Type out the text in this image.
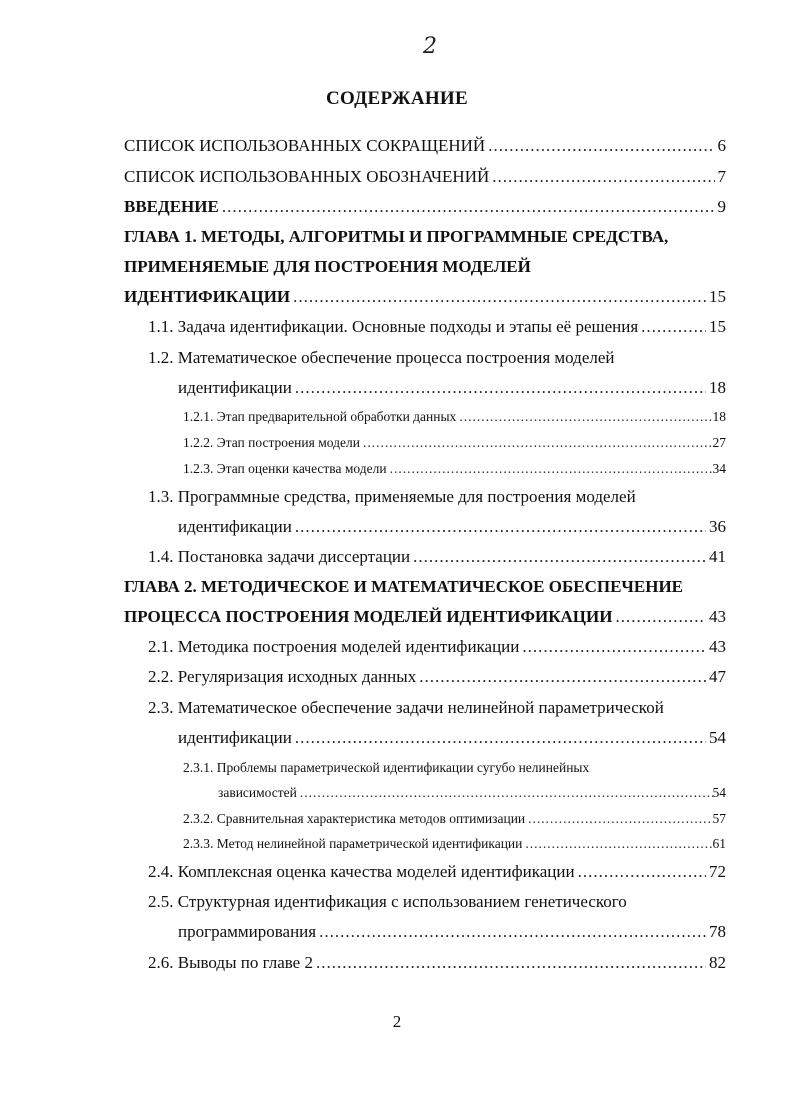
2
СОДЕРЖАНИЕ
СПИСОК ИСПОЛЬЗОВАННЫХ СОКРАЩЕНИЙ .....	6
СПИСОК ИСПОЛЬЗОВАННЫХ ОБОЗНАЧЕНИЙ .....	7
ВВЕДЕНИЕ .....	9
ГЛАВА 1. МЕТОДЫ, АЛГОРИТМЫ И ПРОГРАММНЫЕ СРЕДСТВА,
ПРИМЕНЯЕМЫЕ ДЛЯ ПОСТРОЕНИЯ МОДЕЛЕЙ
ИДЕНТИФИКАЦИИ .....	15
1.1. Задача идентификации. Основные подходы и этапы её решения .....	15
1.2. Математическое обеспечение процесса построения моделей
идентификации .....	18
1.2.1. Этап предварительной обработки данных .....	18
1.2.2. Этап построения модели .....	27
1.2.3. Этап оценки качества модели .....	34
1.3. Программные средства, применяемые для построения моделей
идентификации .....	36
1.4. Постановка задачи диссертации .....	41
ГЛАВА 2. МЕТОДИЧЕСКОЕ И МАТЕМАТИЧЕСКОЕ ОБЕСПЕЧЕНИЕ
ПРОЦЕССА ПОСТРОЕНИЯ МОДЕЛЕЙ ИДЕНТИФИКАЦИИ .....	43
2.1. Методика построения моделей идентификации .....	43
2.2. Регуляризация исходных данных .....	47
2.3. Математическое обеспечение задачи нелинейной параметрической
идентификации .....	54
2.3.1. Проблемы параметрической идентификации сугубо нелинейных
зависимостей .....	54
2.3.2. Сравнительная характеристика методов оптимизации .....	57
2.3.3. Метод нелинейной параметрической идентификации .....	61
2.4. Комплексная оценка качества моделей идентификации .....	72
2.5. Структурная идентификация с использованием генетического
программирования .....	78
2.6. Выводы по главе 2 .....	82
2
